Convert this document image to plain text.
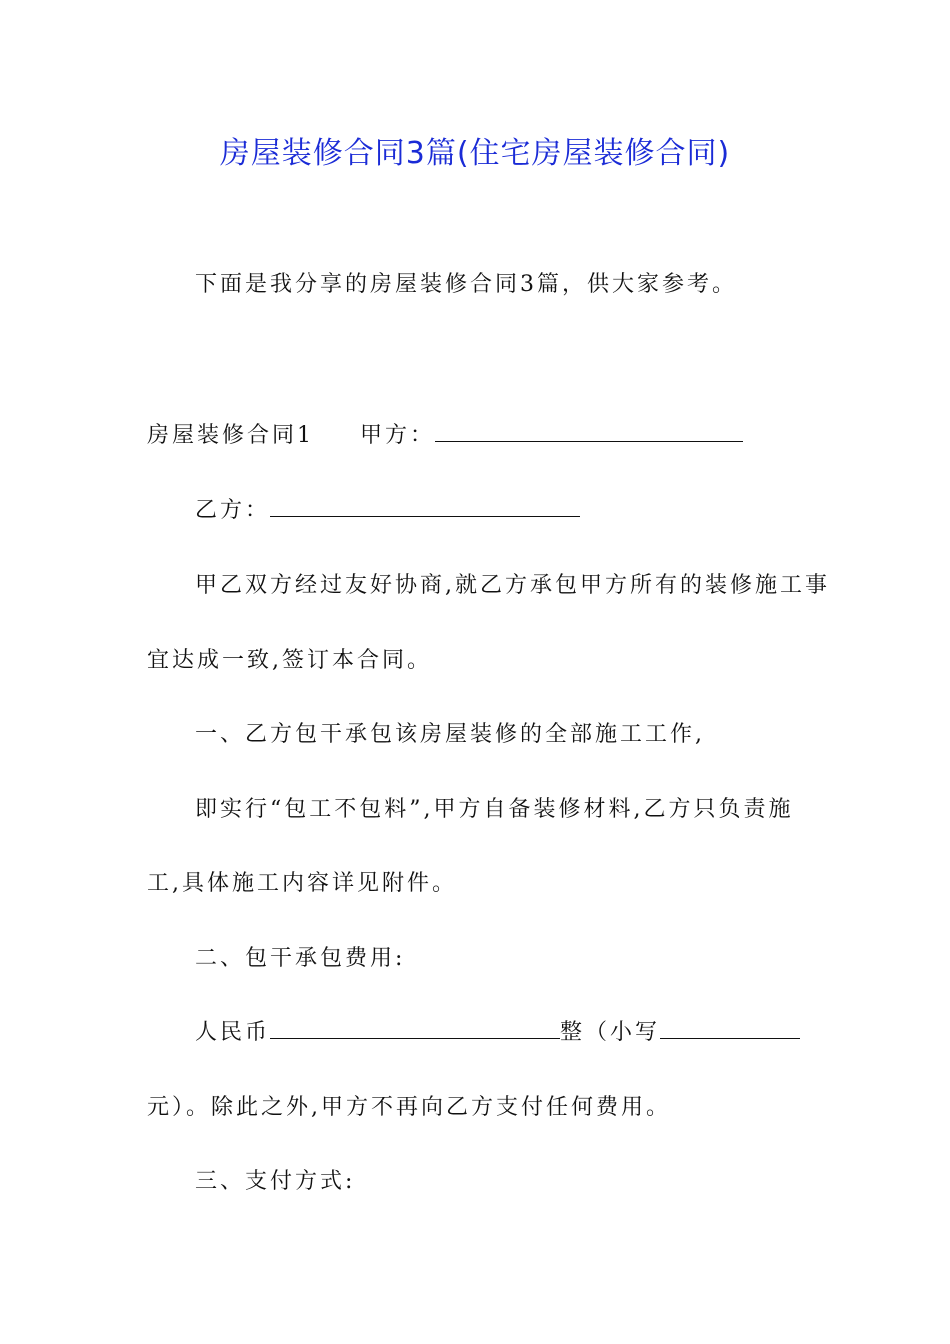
房屋装修合同3篇(住宅房屋装修合同)
下面是我分享的房屋装修合同3篇，供大家参考。
房屋装修合同1 甲方：
乙方：
甲乙双方经过友好协商,就乙方承包甲方所有的装修施工事
宜达成一致,签订本合同。
一、乙方包干承包该房屋装修的全部施工工作,
即实行“包工不包料”,甲方自备装修材料,乙方只负责施
工,具体施工内容详见附件。
二、包干承包费用:
人民币	整（小写
元）。除此之外,甲方不再向乙方支付任何费用。
三、支付方式:
